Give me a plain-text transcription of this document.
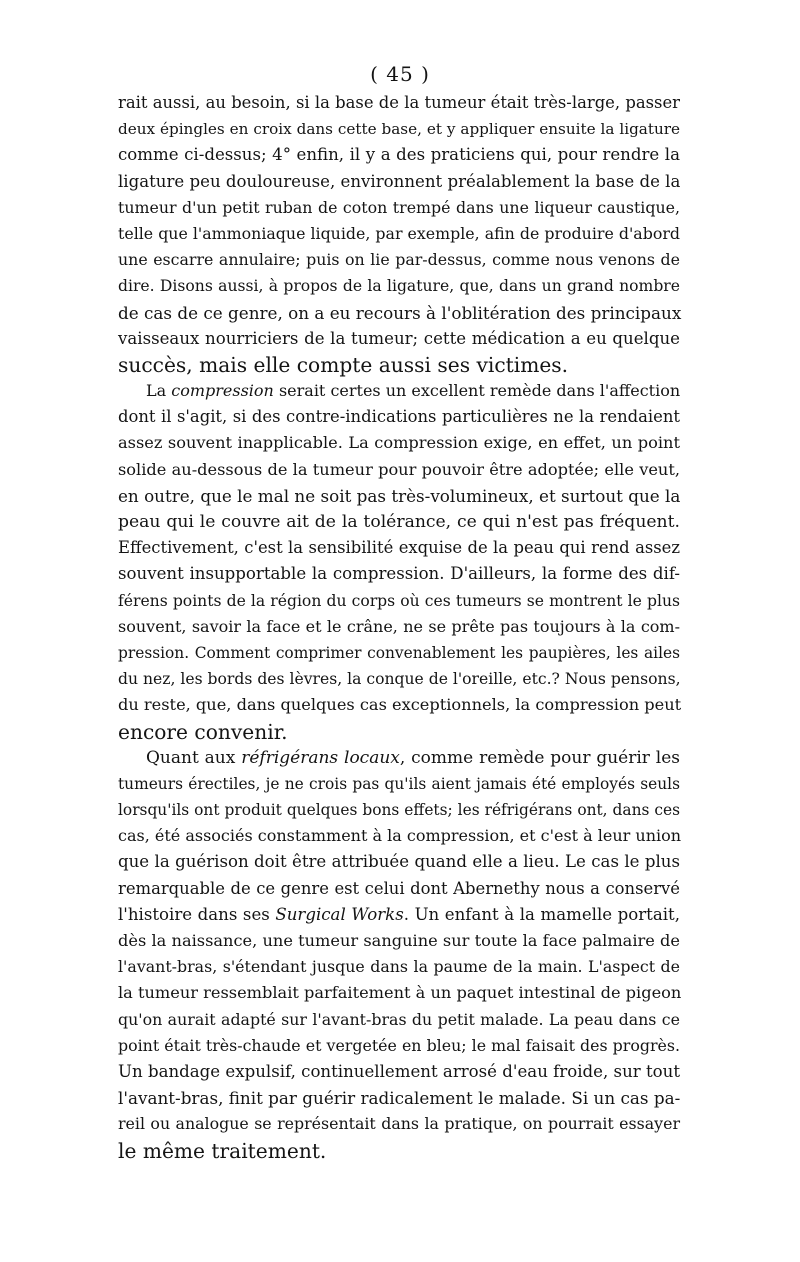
( 45 )
rait aussi, au besoin, si la base de la tumeur était très-large, passer
deux épingles en croix dans cette base, et y appliquer ensuite la ligature
comme ci-dessus; 4° enfin, il y a des praticiens qui, pour rendre la
ligature peu douloureuse, environnent préalablement la base de la
tumeur d'un petit ruban de coton trempé dans une liqueur caustique,
telle que l'ammoniaque liquide, par exemple, afin de produire d'abord
une escarre annulaire; puis on lie par-dessus, comme nous venons de
dire. Disons aussi, à propos de la ligature, que, dans un grand nombre
de cas de ce genre, on a eu recours à l'oblitération des principaux
vaisseaux nourriciers de la tumeur; cette médication a eu quelque
succès, mais elle compte aussi ses victimes.
La compression serait certes un excellent remède dans l'affection
dont il s'agit, si des contre-indications particulières ne la rendaient
assez souvent inapplicable. La compression exige, en effet, un point
solide au-dessous de la tumeur pour pouvoir être adoptée; elle veut,
en outre, que le mal ne soit pas très-volumineux, et surtout que la
peau qui le couvre ait de la tolérance, ce qui n'est pas fréquent.
Effectivement, c'est la sensibilité exquise de la peau qui rend assez
souvent insupportable la compression. D'ailleurs, la forme des dif-
férens points de la région du corps où ces tumeurs se montrent le plus
souvent, savoir la face et le crâne, ne se prête pas toujours à la com-
pression. Comment comprimer convenablement les paupières, les ailes
du nez, les bords des lèvres, la conque de l'oreille, etc.? Nous pensons,
du reste, que, dans quelques cas exceptionnels, la compression peut
encore convenir.
Quant aux réfrigérans locaux, comme remède pour guérir les
tumeurs érectiles, je ne crois pas qu'ils aient jamais été employés seuls
lorsqu'ils ont produit quelques bons effets; les réfrigérans ont, dans ces
cas, été associés constamment à la compression, et c'est à leur union
que la guérison doit être attribuée quand elle a lieu. Le cas le plus
remarquable de ce genre est celui dont Abernethy nous a conservé
l'histoire dans ses Surgical Works. Un enfant à la mamelle portait,
dès la naissance, une tumeur sanguine sur toute la face palmaire de
l'avant-bras, s'étendant jusque dans la paume de la main. L'aspect de
la tumeur ressemblait parfaitement à un paquet intestinal de pigeon
qu'on aurait adapté sur l'avant-bras du petit malade. La peau dans ce
point était très-chaude et vergetée en bleu; le mal faisait des progrès.
Un bandage expulsif, continuellement arrosé d'eau froide, sur tout
l'avant-bras, finit par guérir radicalement le malade. Si un cas pa-
reil ou analogue se représentait dans la pratique, on pourrait essayer
le même traitement.
